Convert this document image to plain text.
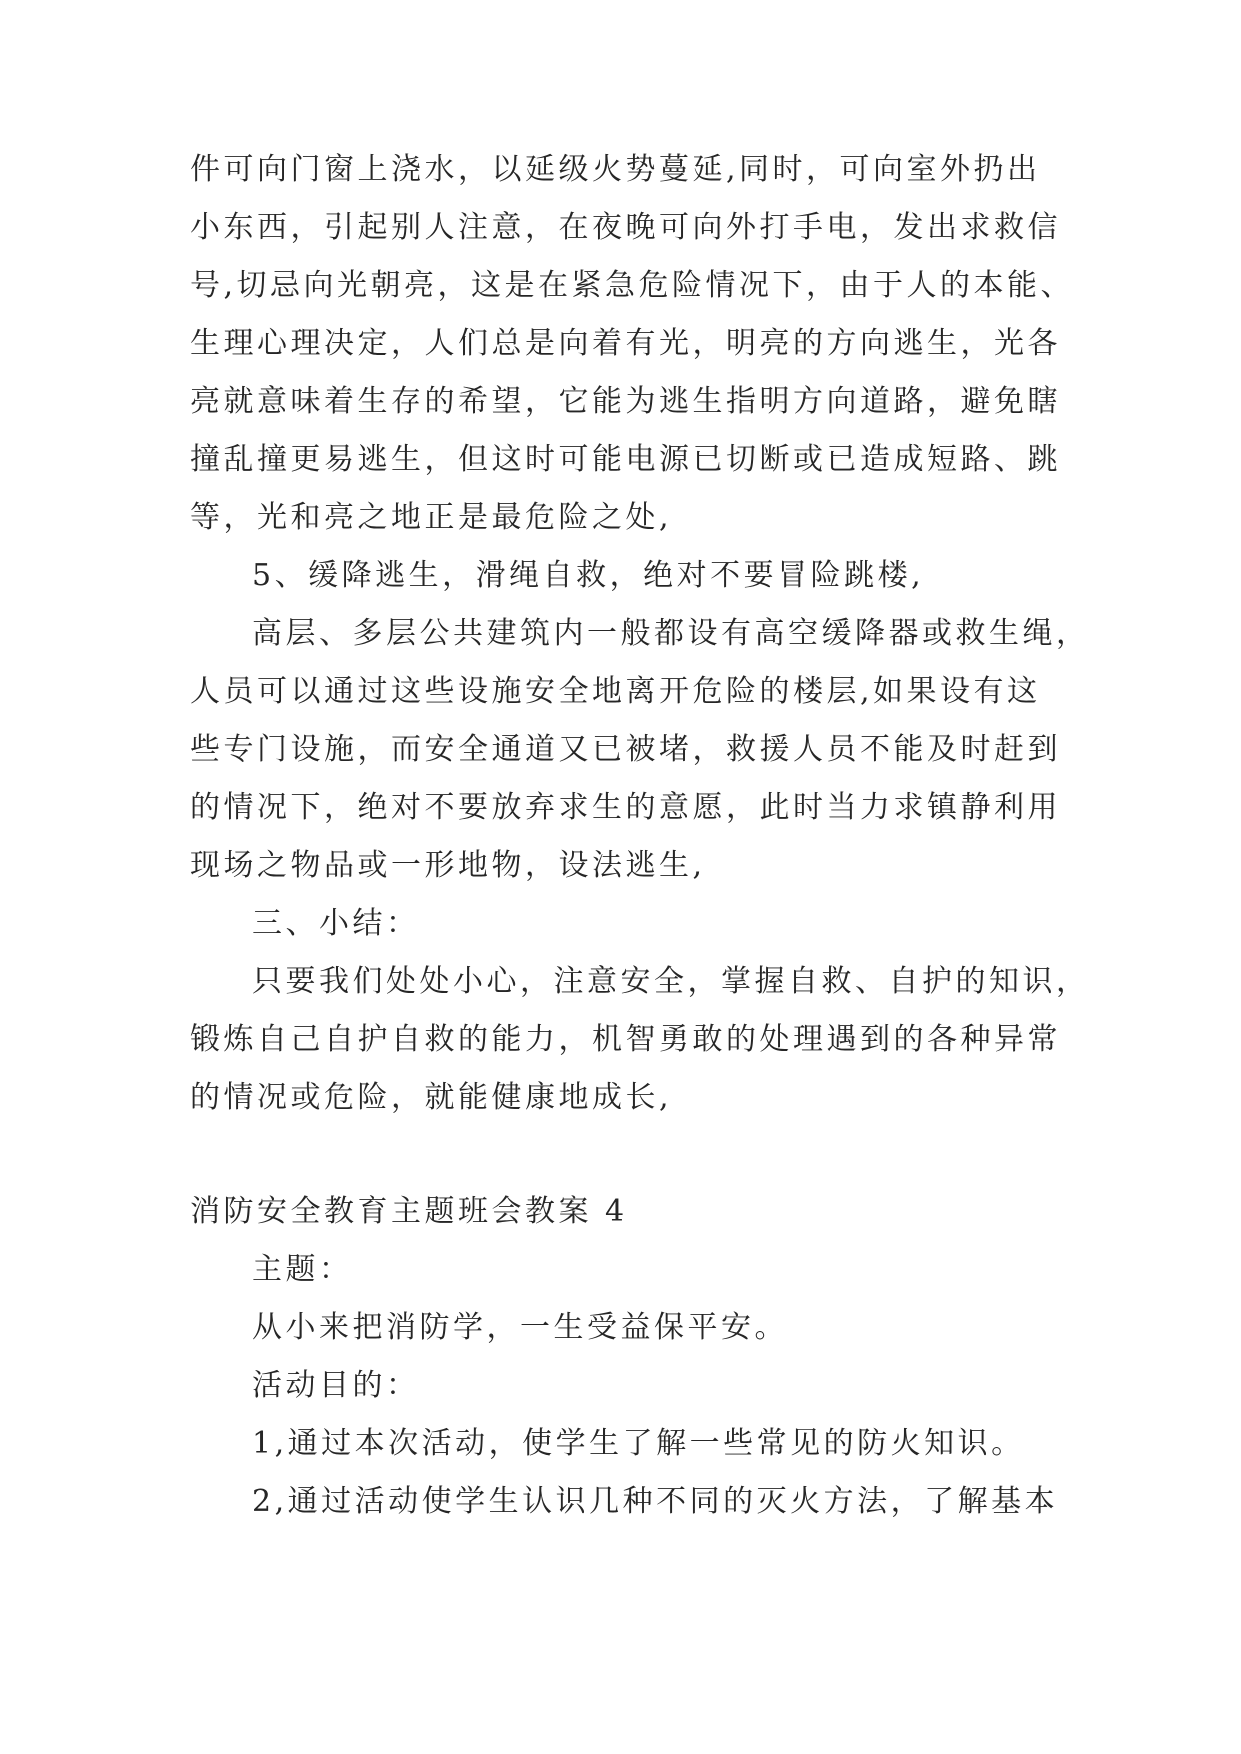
件可向门窗上浇水，以延级火势蔓延,同时，可向室外扔出
小东西，引起别人注意，在夜晚可向外打手电，发出求救信
号,切忌向光朝亮，这是在紧急危险情况下，由于人的本能、
生理心理决定，人们总是向着有光，明亮的方向逃生，光各
亮就意味着生存的希望，它能为逃生指明方向道路，避免瞎
撞乱撞更易逃生，但这时可能电源已切断或已造成短路、跳
等，光和亮之地正是最危险之处,
5、缓降逃生，滑绳自救，绝对不要冒险跳楼,
高层、多层公共建筑内一般都设有高空缓降器或救生绳，
人员可以通过这些设施安全地离开危险的楼层,如果设有这
些专门设施，而安全通道又已被堵，救援人员不能及时赶到
的情况下，绝对不要放弃求生的意愿，此时当力求镇静利用
现场之物品或一形地物，设法逃生,
三、小结：
只要我们处处小心，注意安全，掌握自救、自护的知识，
锻炼自己自护自救的能力，机智勇敢的处理遇到的各种异常
的情况或危险，就能健康地成长,
消防安全教育主题班会教案 4
主题：
从小来把消防学，一生受益保平安。
活动目的：
1,通过本次活动，使学生了解一些常见的防火知识。
2,通过活动使学生认识几种不同的灭火方法，了解基本
